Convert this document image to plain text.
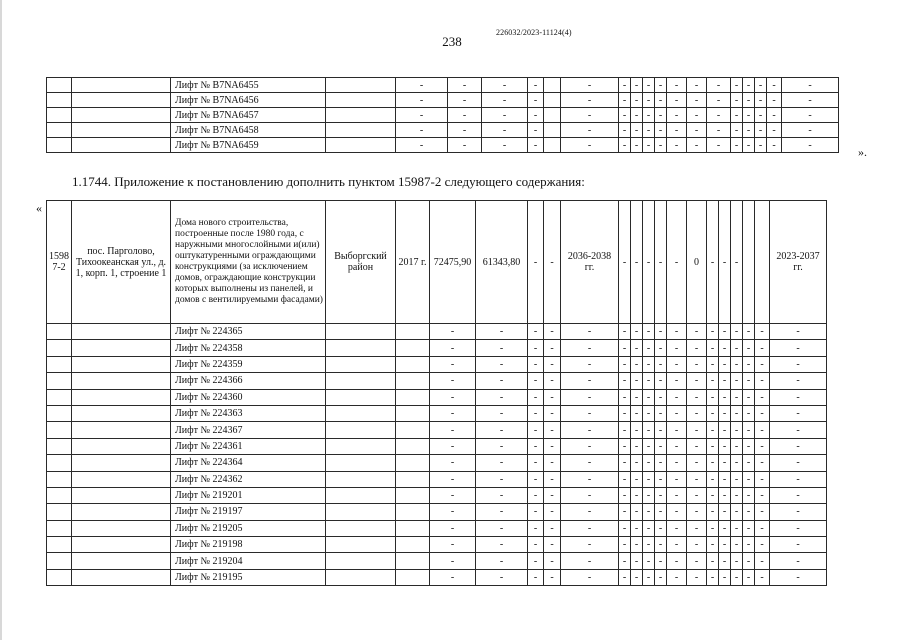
226032/2023-11124(4)
238
		Лифт № B7NA6455		-	-	-	-		-	-	-	-	-	-	-	-	-	-	-	-	-
		Лифт № B7NA6456		-	-	-	-		-	-	-	-	-	-	-	-	-	-	-	-	-
		Лифт № B7NA6457		-	-	-	-		-	-	-	-	-	-	-	-	-	-	-	-	-
		Лифт № B7NA6458		-	-	-	-		-	-	-	-	-	-	-	-	-	-	-	-	-
		Лифт № B7NA6459		-	-	-	-		-	-	-	-	-	-	-	-	-	-	-	-	-	».
1.1744. Приложение к постановлению дополнить пунктом 15987-2 следующего содержания:
«
1598
7-2	пос. Парголово, Тихоокеанская ул., д. 1, корп. 1, строение 1	Дома нового строительства, построенные после 1980 года, с наружными многослойными и(или) оштукатуренными ограждающими конструкциями (за исключением домов, ограждающие конструкции которых выполнены из панелей, и домов с вентилируемыми фасадами)	Выборгский район	2017 г.	72475,90	61343,80	-	-	2036-2038 гг.	-	-	-	-	-	0	-	-	-			2023-2037 гг.
		Лифт № 224365			-	-	-	-	-	-	-	-	-	-	-	-	-	-	-	-	-
		Лифт № 224358			-	-	-	-	-	-	-	-	-	-	-	-	-	-	-	-	-
		Лифт № 224359			-	-	-	-	-	-	-	-	-	-	-	-	-	-	-	-	-
		Лифт № 224366			-	-	-	-	-	-	-	-	-	-	-	-	-	-	-	-	-
		Лифт № 224360			-	-	-	-	-	-	-	-	-	-	-	-	-	-	-	-	-
		Лифт № 224363			-	-	-	-	-	-	-	-	-	-	-	-	-	-	-	-	-
		Лифт № 224367			-	-	-	-	-	-	-	-	-	-	-	-	-	-	-	-	-
		Лифт № 224361			-	-	-	-	-	-	-	-	-	-	-	-	-	-	-	-	-
		Лифт № 224364			-	-	-	-	-	-	-	-	-	-	-	-	-	-	-	-	-
		Лифт № 224362			-	-	-	-	-	-	-	-	-	-	-	-	-	-	-	-	-
		Лифт № 219201			-	-	-	-	-	-	-	-	-	-	-	-	-	-	-	-	-
		Лифт № 219197			-	-	-	-	-	-	-	-	-	-	-	-	-	-	-	-	-
		Лифт № 219205			-	-	-	-	-	-	-	-	-	-	-	-	-	-	-	-	-
		Лифт № 219198			-	-	-	-	-	-	-	-	-	-	-	-	-	-	-	-	-
		Лифт № 219204			-	-	-	-	-	-	-	-	-	-	-	-	-	-	-	-	-
		Лифт № 219195			-	-	-	-	-	-	-	-	-	-	-	-	-	-	-	-	-
